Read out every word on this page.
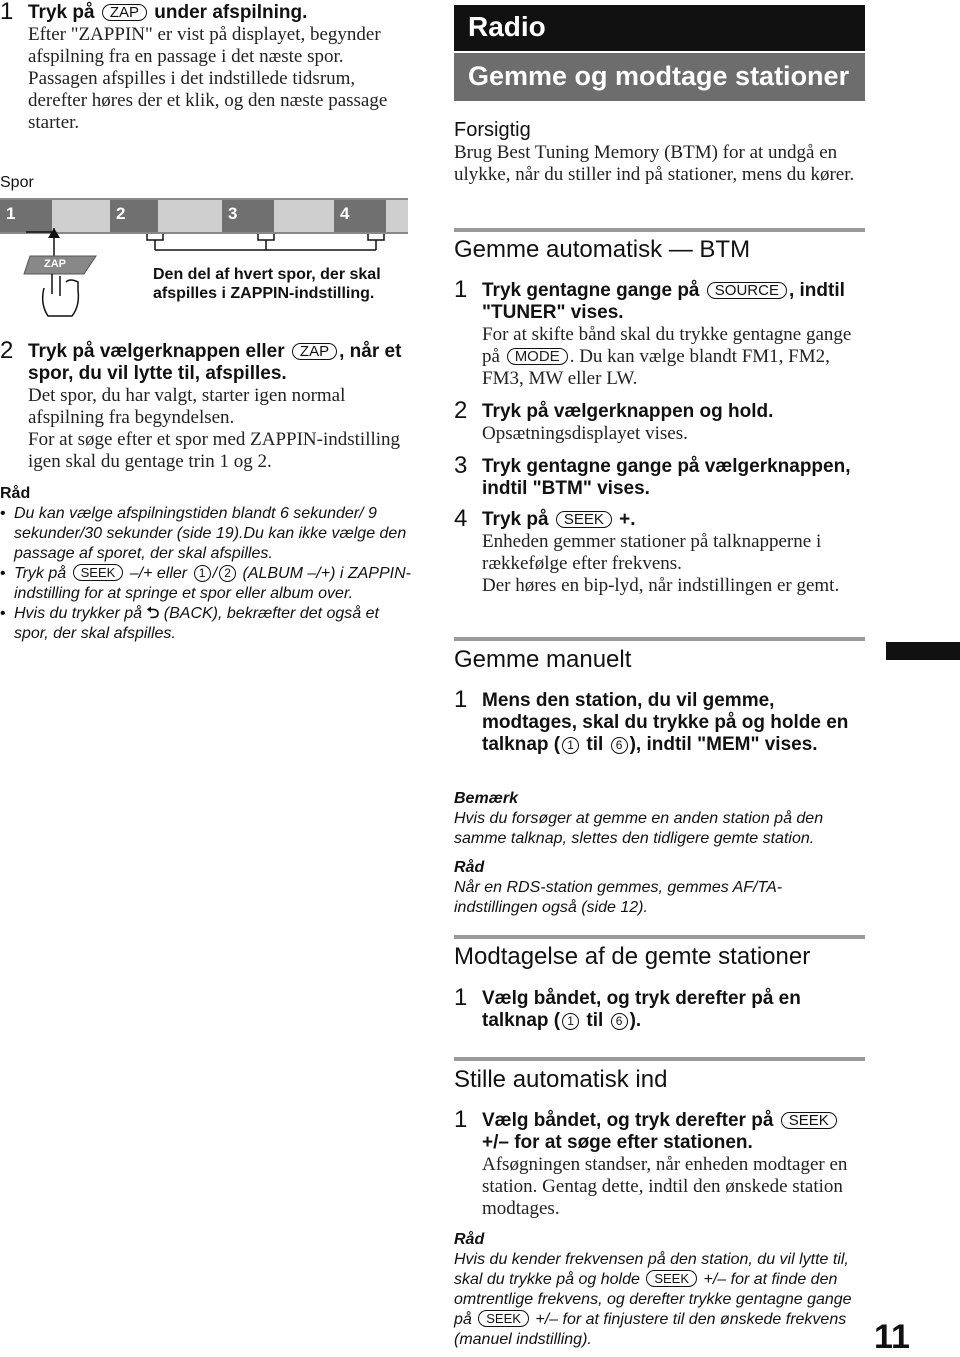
1 Tryk på ZAP under afspilning.
Efter "ZAPPIN" er vist på displayet, begynder afspilning fra en passage i det næste spor. Passagen afspilles i det indstillede tidsrum, derefter høres der et klik, og den næste passage starter.
Spor
1	2	3	4
ZAP
Den del af hvert spor, der skal afspilles i ZAPPIN-indstilling.
2 Tryk på vælgerknappen eller ZAP , når et spor, du vil lytte til, afspilles.
Det spor, du har valgt, starter igen normal afspilning fra begyndelsen.
For at søge efter et spor med ZAPPIN-indstilling igen skal du gentage trin 1 og 2.
Råd
• Du kan vælge afspilningstiden blandt 6 sekunder/ 9 sekunder/30 sekunder (side 19).Du kan ikke vælge den passage af sporet, der skal afspilles.
• Tryk på SEEK –/+ eller 1 / 2 (ALBUM –/+) i ZAPPIN-indstilling for at springe et spor eller album over.
• Hvis du trykker på ⮌ (BACK), bekræfter det også et spor, der skal afspilles.
Radio
Gemme og modtage stationer
Forsigtig
Brug Best Tuning Memory (BTM) for at undgå en ulykke, når du stiller ind på stationer, mens du kører.
Gemme automatisk — BTM
1 Tryk gentagne gange på SOURCE , indtil "TUNER" vises.
For at skifte bånd skal du trykke gentagne gange på MODE . Du kan vælge blandt FM1, FM2, FM3, MW eller LW.
2 Tryk på vælgerknappen og hold.
Opsætningsdisplayet vises.
3 Tryk gentagne gange på vælgerknappen, indtil "BTM" vises.
4 Tryk på SEEK +.
Enheden gemmer stationer på talknapperne i rækkefølge efter frekvens.
Der høres en bip-lyd, når indstillingen er gemt.
Gemme manuelt
1 Mens den station, du vil gemme, modtages, skal du trykke på og holde en talknap ( 1 til 6 ), indtil "MEM" vises.
Bemærk
Hvis du forsøger at gemme en anden station på den samme talknap, slettes den tidligere gemte station.
Råd
Når en RDS-station gemmes, gemmes AF/TA-indstillingen også (side 12).
Modtagelse af de gemte stationer
1 Vælg båndet, og tryk derefter på en talknap ( 1 til 6 ).
Stille automatisk ind
1 Vælg båndet, og tryk derefter på SEEK +/– for at søge efter stationen.
Afsøgningen standser, når enheden modtager en station. Gentag dette, indtil den ønskede station modtages.
Råd
Hvis du kender frekvensen på den station, du vil lytte til, skal du trykke på og holde SEEK +/– for at finde den omtrentlige frekvens, og derefter trykke gentagne gange på SEEK +/– for at finjustere til den ønskede frekvens (manuel indstilling).	11
